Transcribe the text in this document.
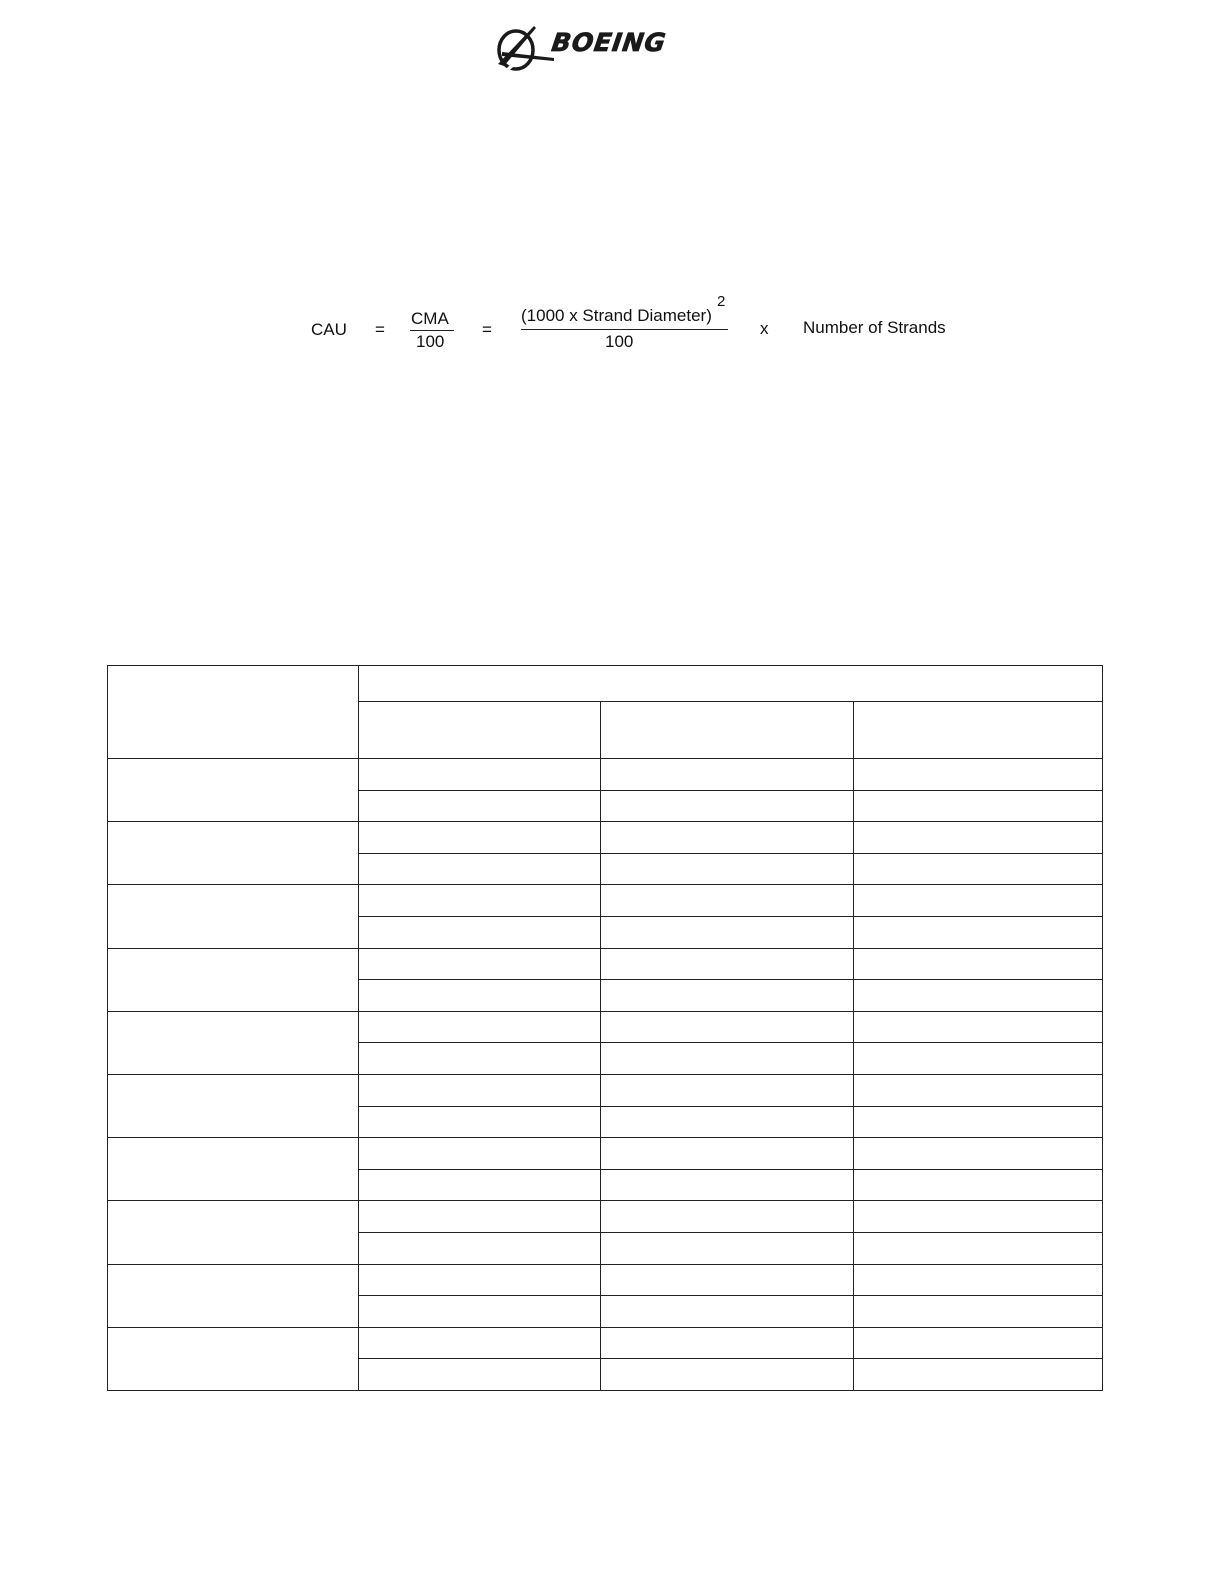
BOEING
CAU =
CMA
100
=
(1000 x Strand Diameter)
2
100
x Number of Strands
